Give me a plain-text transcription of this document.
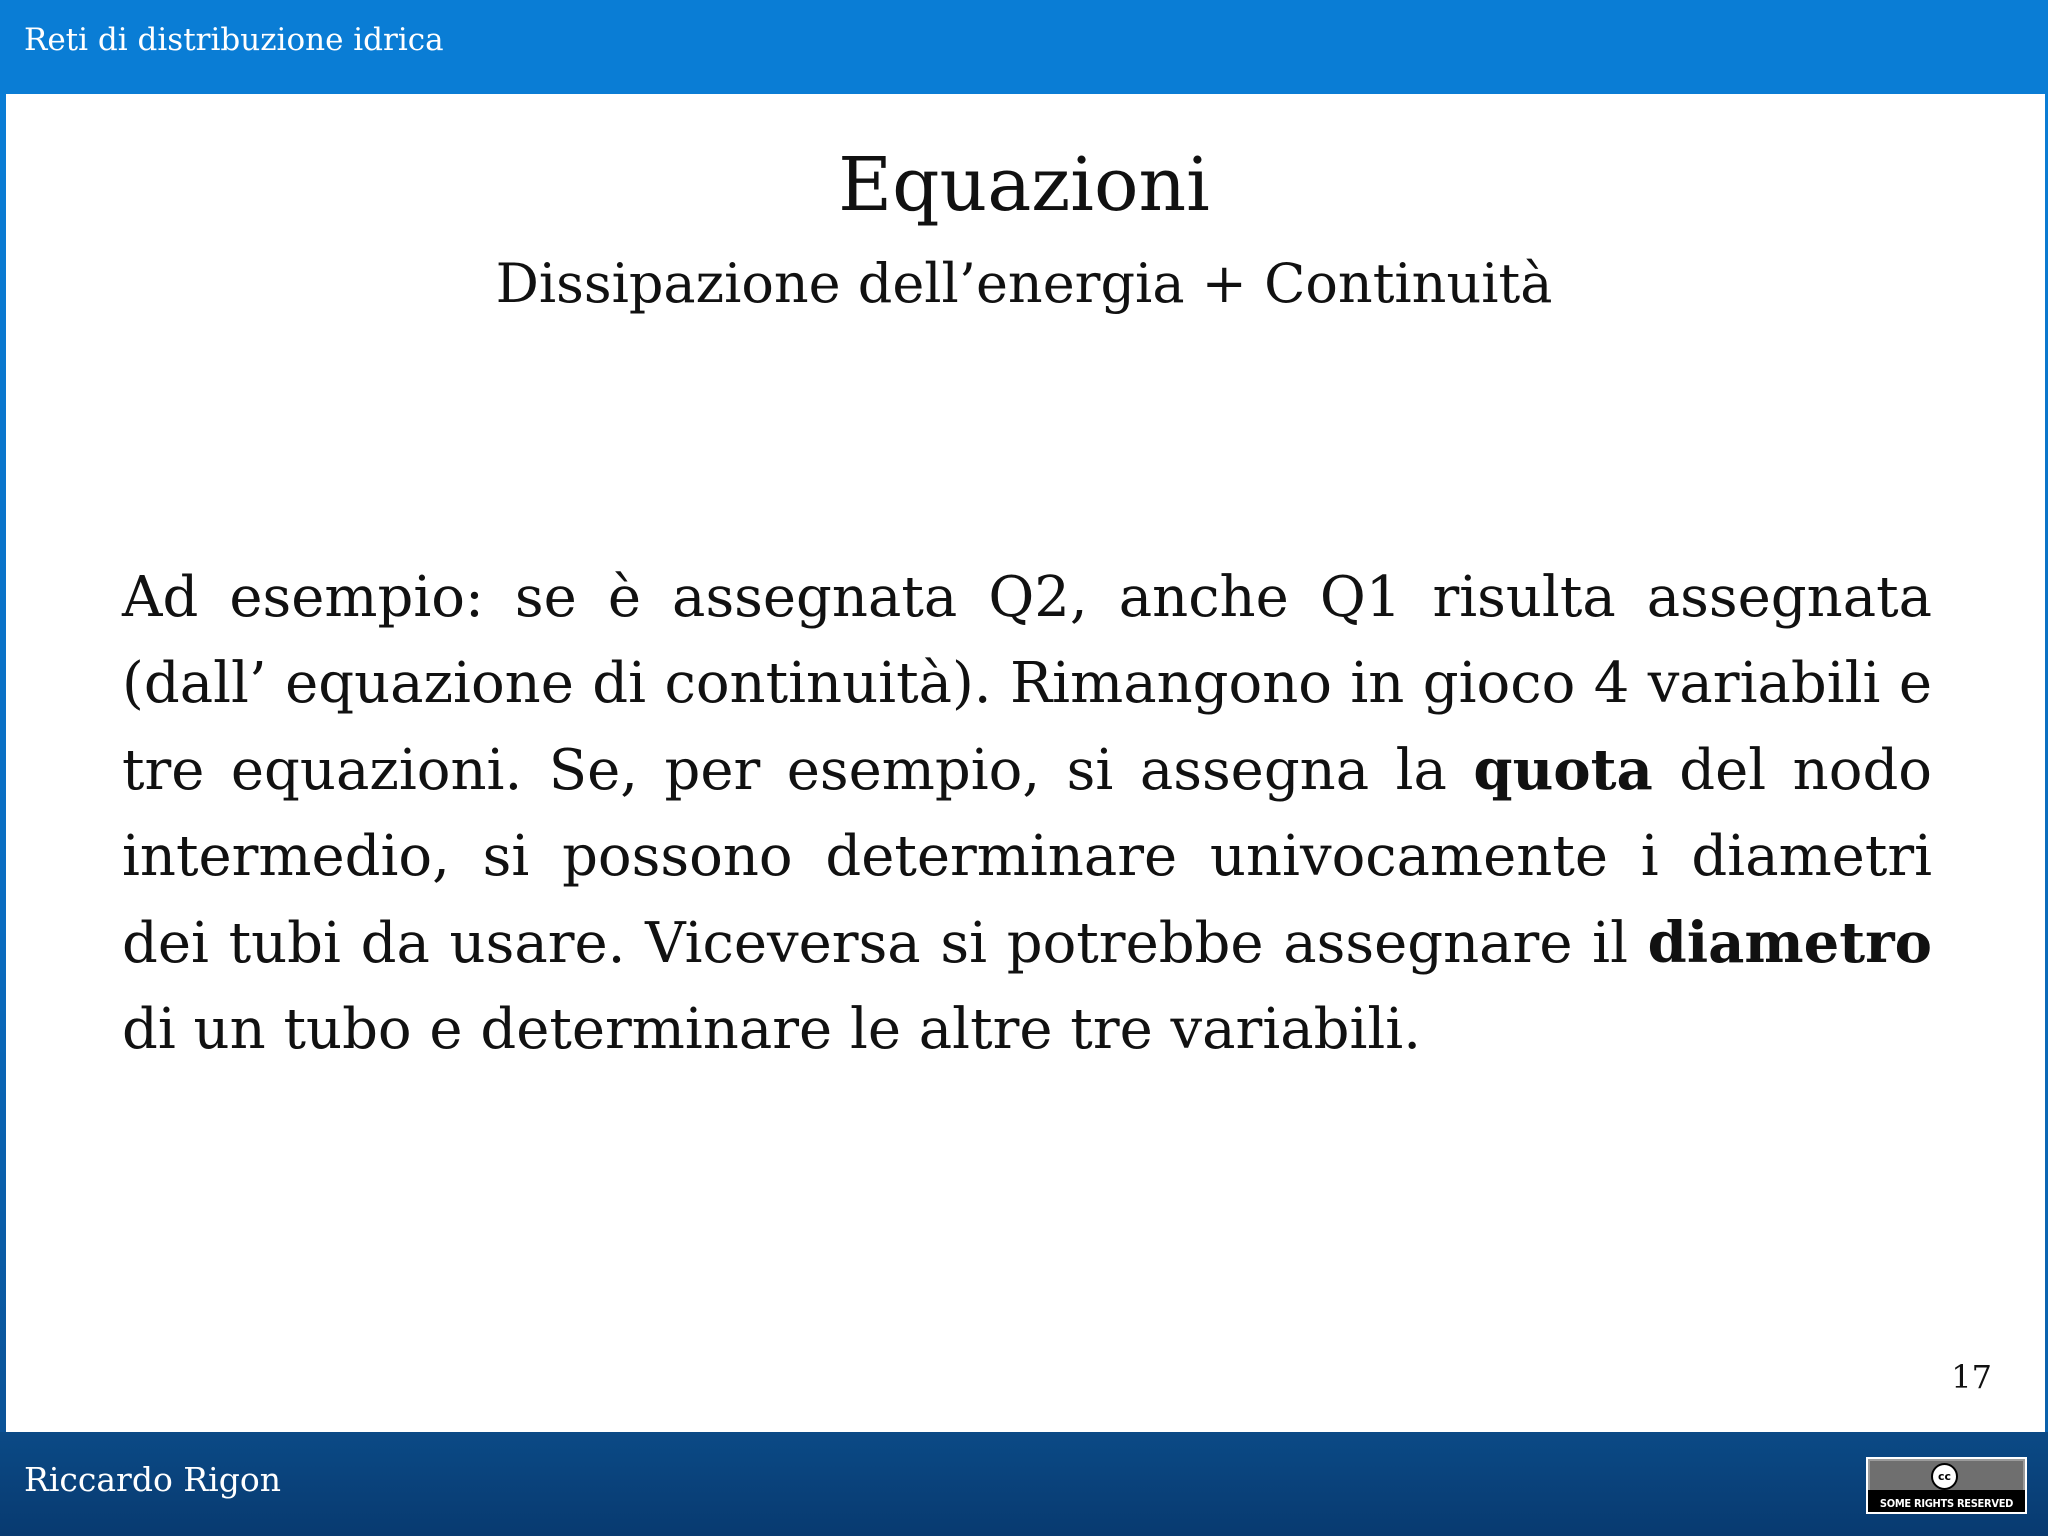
Reti di distribuzione idrica
Equazioni
Dissipazione dell’energia + Continuità
Ad esempio: se è assegnata Q2, anche Q1 risulta assegnata (dall’ equazione di continuità). Rimangono in gioco 4 variabili e tre equazioni. Se, per esempio, si assegna la quota del nodo intermedio, si possono determinare univocamente i diametri dei tubi da usare. Viceversa si potrebbe assegnare il diametro di un tubo e determinare le altre tre variabili.
17
Riccardo Rigon	cc
SOME RIGHTS RESERVED
